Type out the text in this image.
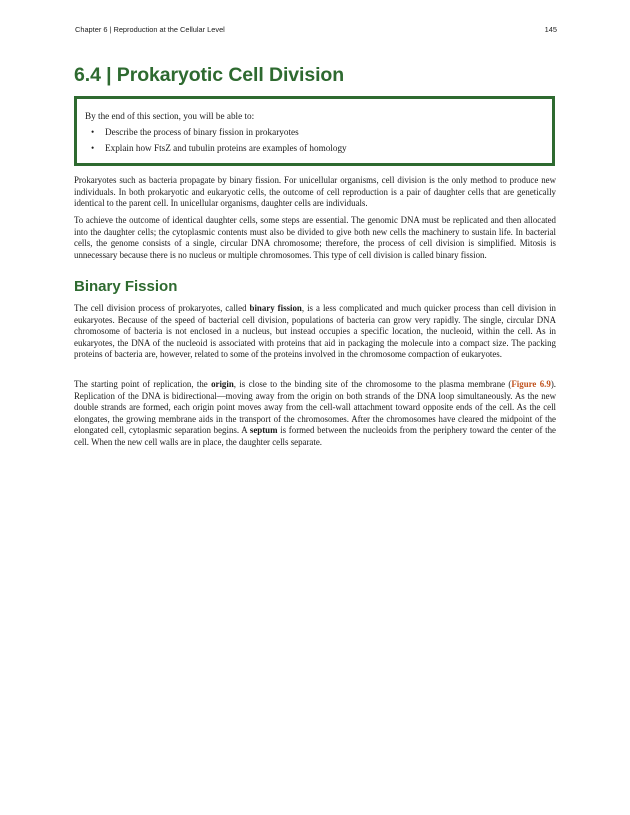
Chapter 6 | Reproduction at the Cellular Level	145
6.4 | Prokaryotic Cell Division
By the end of this section, you will be able to:
• Describe the process of binary fission in prokaryotes
• Explain how FtsZ and tubulin proteins are examples of homology

Prokaryotes such as bacteria propagate by binary fission. For unicellular organisms, cell division is the only method to produce new individuals. In both prokaryotic and eukaryotic cells, the outcome of cell reproduction is a pair of daughter cells that are genetically identical to the parent cell. In unicellular organisms, daughter cells are individuals.

To achieve the outcome of identical daughter cells, some steps are essential. The genomic DNA must be replicated and then allocated into the daughter cells; the cytoplasmic contents must also be divided to give both new cells the machinery to sustain life. In bacterial cells, the genome consists of a single, circular DNA chromosome; therefore, the process of cell division is simplified. Mitosis is unnecessary because there is no nucleus or multiple chromosomes. This type of cell division is called binary fission.

Binary Fission

The cell division process of prokaryotes, called binary fission, is a less complicated and much quicker process than cell division in eukaryotes. Because of the speed of bacterial cell division, populations of bacteria can grow very rapidly. The single, circular DNA chromosome of bacteria is not enclosed in a nucleus, but instead occupies a specific location, the nucleoid, within the cell. As in eukaryotes, the DNA of the nucleoid is associated with proteins that aid in packaging the molecule into a compact size. The packing proteins of bacteria are, however, related to some of the proteins involved in the chromosome compaction of eukaryotes.

The starting point of replication, the origin, is close to the binding site of the chromosome to the plasma membrane (Figure 6.9). Replication of the DNA is bidirectional—moving away from the origin on both strands of the DNA loop simultaneously. As the new double strands are formed, each origin point moves away from the cell-wall attachment toward opposite ends of the cell. As the cell elongates, the growing membrane aids in the transport of the chromosomes. After the chromosomes have cleared the midpoint of the elongated cell, cytoplasmic separation begins. A septum is formed between the nucleoids from the periphery toward the center of the cell. When the new cell walls are in place, the daughter cells separate.
